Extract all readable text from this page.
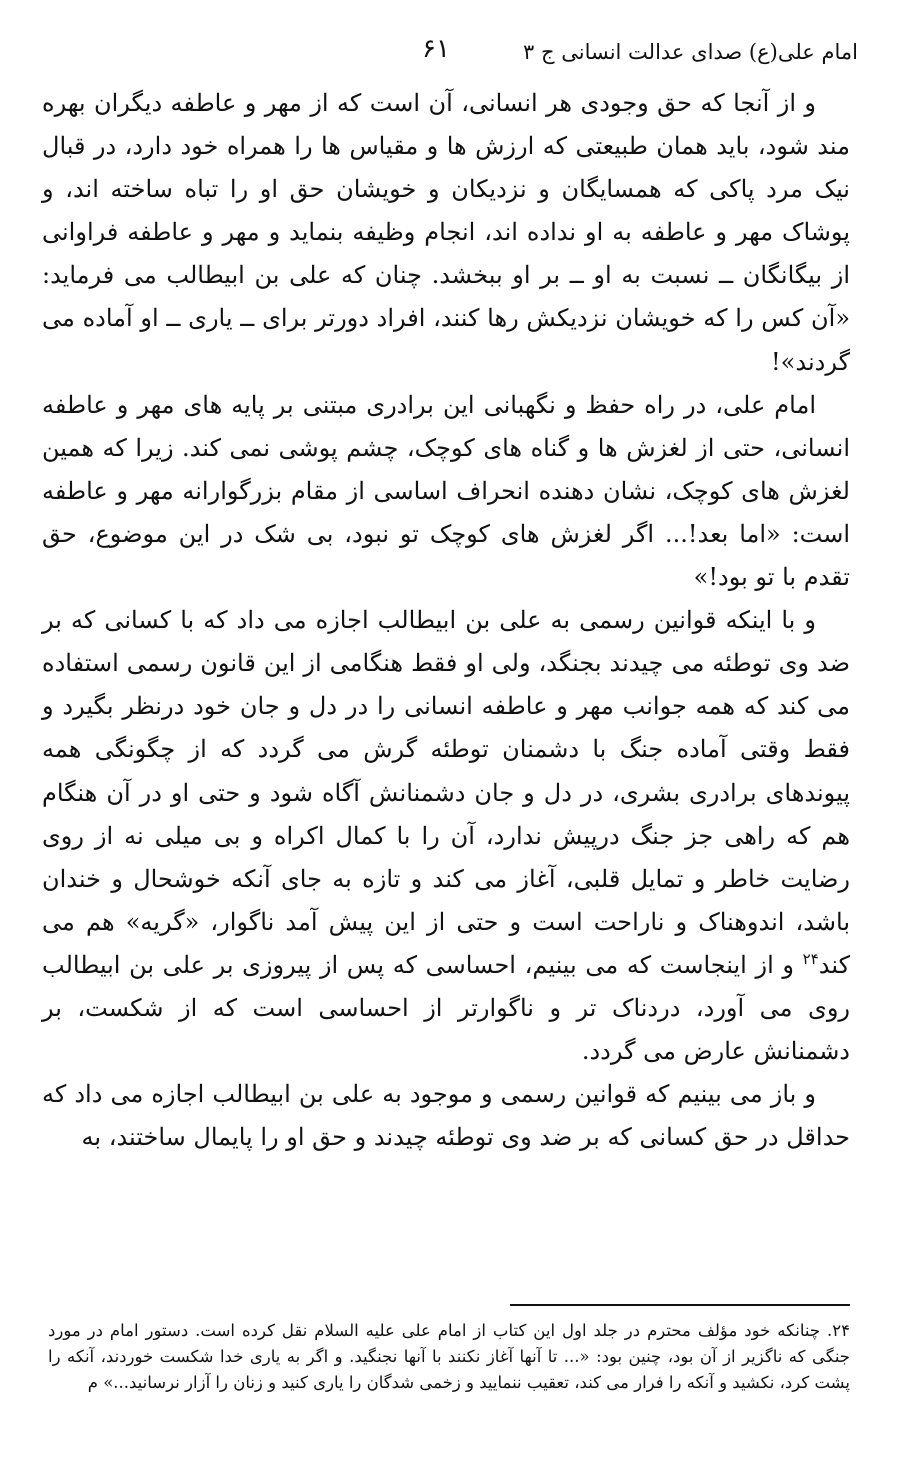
امام علی(ع) صدای عدالت انسانی ج ۳
۶۱

و از آنجا که حق وجودی هر انسانی، آن است که از مهر و عاطفه دیگران بهره مند شود، باید همان طبیعتی که ارزش ها و مقیاس ها را همراه خود دارد، در قبال نیک مرد پاکی که همسایگان و نزدیکان و خویشان حق او را تباه ساخته اند، و پوشاک مهر و عاطفه به او نداده اند، انجام وظیفه بنماید و مهر و عاطفه فراوانی از بیگانگان ــ نسبت به او ــ بر او ببخشد. چنان که علی بن ابیطالب می فرماید: «آن کس را که خویشان نزدیکش رها کنند، افراد دورتر برای ــ یاری ــ او آماده می گردند»!

امام علی، در راه حفظ و نگهبانی این برادری مبتنی بر پایه های مهر و عاطفه انسانی، حتی از لغزش ها و گناه های کوچک، چشم پوشی نمی کند. زیرا که همین لغزش های کوچک، نشان دهنده انحراف اساسی از مقام بزرگوارانه مهر و عاطفه است: «اما بعد!... اگر لغزش های کوچک تو نبود، بی شک در این موضوع، حق تقدم با تو بود!»

و با اینکه قوانین رسمی به علی بن ابیطالب اجازه می داد که با کسانی که بر ضد وی توطئه می چیدند بجنگد، ولی او فقط هنگامی از این قانون رسمی استفاده می کند که همه جوانب مهر و عاطفه انسانی را در دل و جان خود درنظر بگیرد و فقط وقتی آماده جنگ با دشمنان توطئه گرش می گردد که از چگونگی همه پیوندهای برادری بشری، در دل و جان دشمنانش آگاه شود و حتی او در آن هنگام هم که راهی جز جنگ درپیش ندارد، آن را با کمال اکراه و بی میلی نه از روی رضایت خاطر و تمایل قلبی، آغاز می کند و تازه به جای آنکه خوشحال و خندان باشد، اندوهناک و ناراحت است و حتی از این پیش آمد ناگوار، «گریه» هم می کند$^{۲۴}$ و از اینجاست که می بینیم، احساسی که پس از پیروزی بر علی بن ابیطالب روی می آورد، دردناک تر و ناگوارتر از احساسی است که از شکست، بر دشمنانش عارض می گردد.

و باز می بینیم که قوانین رسمی و موجود به علی بن ابیطالب اجازه می داد که حداقل در حق کسانی که بر ضد وی توطئه چیدند و حق او را پایمال ساختند، به

۲۴. چنانکه خود مؤلف محترم در جلد اول این کتاب از امام علی علیه السلام نقل کرده است. دستور امام در مورد جنگی که ناگزیر از آن بود، چنین بود: «... تا آنها آغاز نکنند با آنها نجنگید. و اگر به یاری خدا شکست خوردند، آنکه را پشت کرد، نکشید و آنکه را فرار می کند، تعقیب ننمایید و زخمی شدگان را یاری کنید و زنان را آزار نرسانید...» م
